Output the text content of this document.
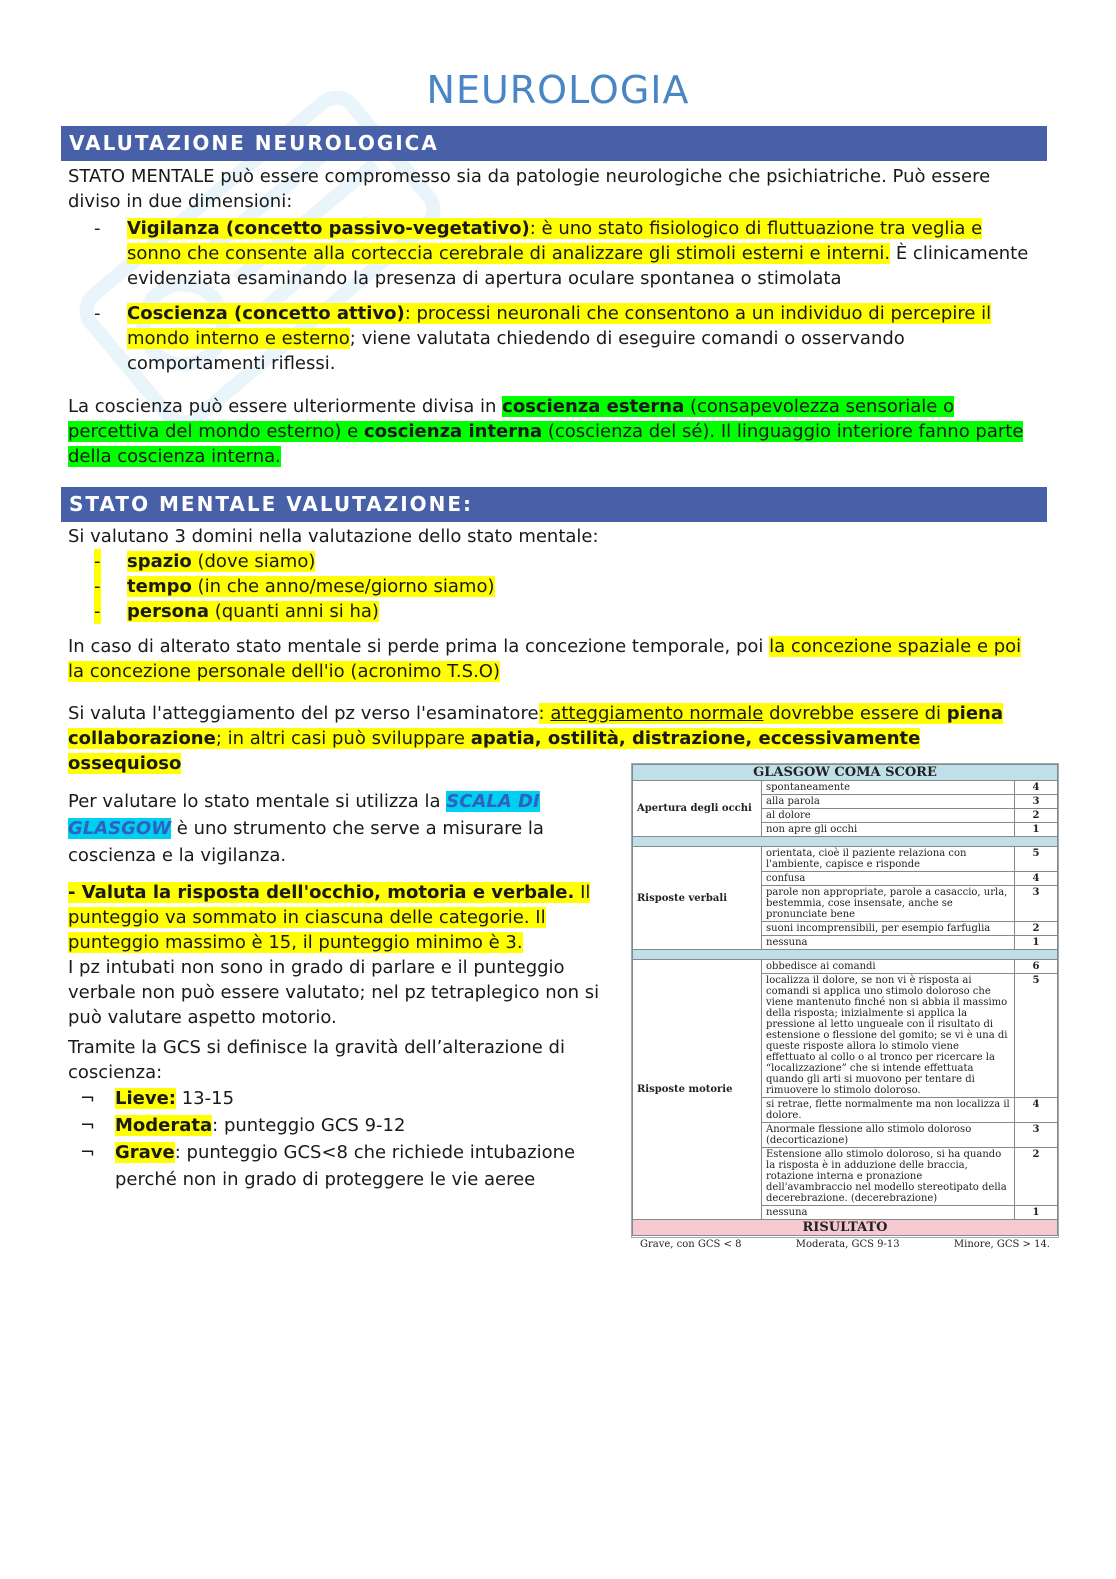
NEUROLOGIA
VALUTAZIONE NEUROLOGICA
STATO MENTALE può essere compromesso sia da patologie neurologiche che psichiatriche. Può essere diviso in due dimensioni:
- Vigilanza (concetto passivo-vegetativo): è uno stato fisiologico di fluttuazione tra veglia e sonno che consente alla corteccia cerebrale di analizzare gli stimoli esterni e interni. È clinicamente evidenziata esaminando la presenza di apertura oculare spontanea o stimolata
- Coscienza (concetto attivo): processi neuronali che consentono a un individuo di percepire il mondo interno e esterno; viene valutata chiedendo di eseguire comandi o osservando comportamenti riflessi.
La coscienza può essere ulteriormente divisa in coscienza esterna (consapevolezza sensoriale o percettiva del mondo esterno) e coscienza interna (coscienza del sé). Il linguaggio interiore fanno parte della coscienza interna.
STATO MENTALE VALUTAZIONE:
Si valutano 3 domini nella valutazione dello stato mentale:
- spazio (dove siamo)
- tempo (in che anno/mese/giorno siamo)
- persona (quanti anni si ha)
In caso di alterato stato mentale si perde prima la concezione temporale, poi la concezione spaziale e poi la concezione personale dell'io (acronimo T.S.O)
Si valuta l'atteggiamento del pz verso l'esaminatore: atteggiamento normale dovrebbe essere di piena collaborazione; in altri casi può sviluppare apatia, ostilità, distrazione, eccessivamente ossequioso
Per valutare lo stato mentale si utilizza la SCALA DI GLASGOW è uno strumento che serve a misurare la coscienza e la vigilanza.
- Valuta la risposta dell'occhio, motoria e verbale. Il punteggio va sommato in ciascuna delle categorie. Il punteggio massimo è 15, il punteggio minimo è 3.
I pz intubati non sono in grado di parlare e il punteggio verbale non può essere valutato; nel pz tetraplegico non si può valutare aspetto motorio.
Tramite la GCS si definisce la gravità dell’alterazione di coscienza:
¬ Lieve: 13-15
¬ Moderata: punteggio GCS 9-12
¬ Grave: punteggio GCS<8 che richiede intubazione perché non in grado di proteggere le vie aeree
GLASGOW COMA SCORE		
Apertura degli occhi	spontaneamente	4
	alla parola	3
	al dolore	2
	non apre gli occhi	1

Risposte verbali	orientata, cioè il paziente relaziona con l'ambiente, capisce e risponde	5
	confusa	4
	parole non appropriate, parole a casaccio, urla, bestemmia, cose insensate, anche se pronunciate bene	3
	suoni incomprensibili, per esempio farfuglia	2
	nessuna	1

Risposte motorie	obbedisce ai comandi	6
	localizza il dolore, se non vi è risposta ai comandi si applica uno stimolo doloroso che viene mantenuto finché non si abbia il massimo della risposta; inizialmente si applica la pressione al letto ungueale con il risultato di estensione o flessione del gomito; se vi è una di queste risposte allora lo stimolo viene effettuato al collo o al tronco per ricercare la “localizzazione” che si intende effettuata quando gli arti si muovono per tentare di rimuovere lo stimolo doloroso.	5
	si retrae, flette normalmente ma non localizza il dolore.	4
	Anormale flessione allo stimolo doloroso (decorticazione)	3
	Estensione allo stimolo doloroso, si ha quando la risposta è in adduzione delle braccia, rotazione interna e pronazione dell'avambraccio nel modello stereotipato della decerebrazione. (decerebrazione)	2
	nessuna	1
RISULTATO		
Grave, con GCS < 8	Moderata, GCS 9-13	Minore, GCS > 14.
